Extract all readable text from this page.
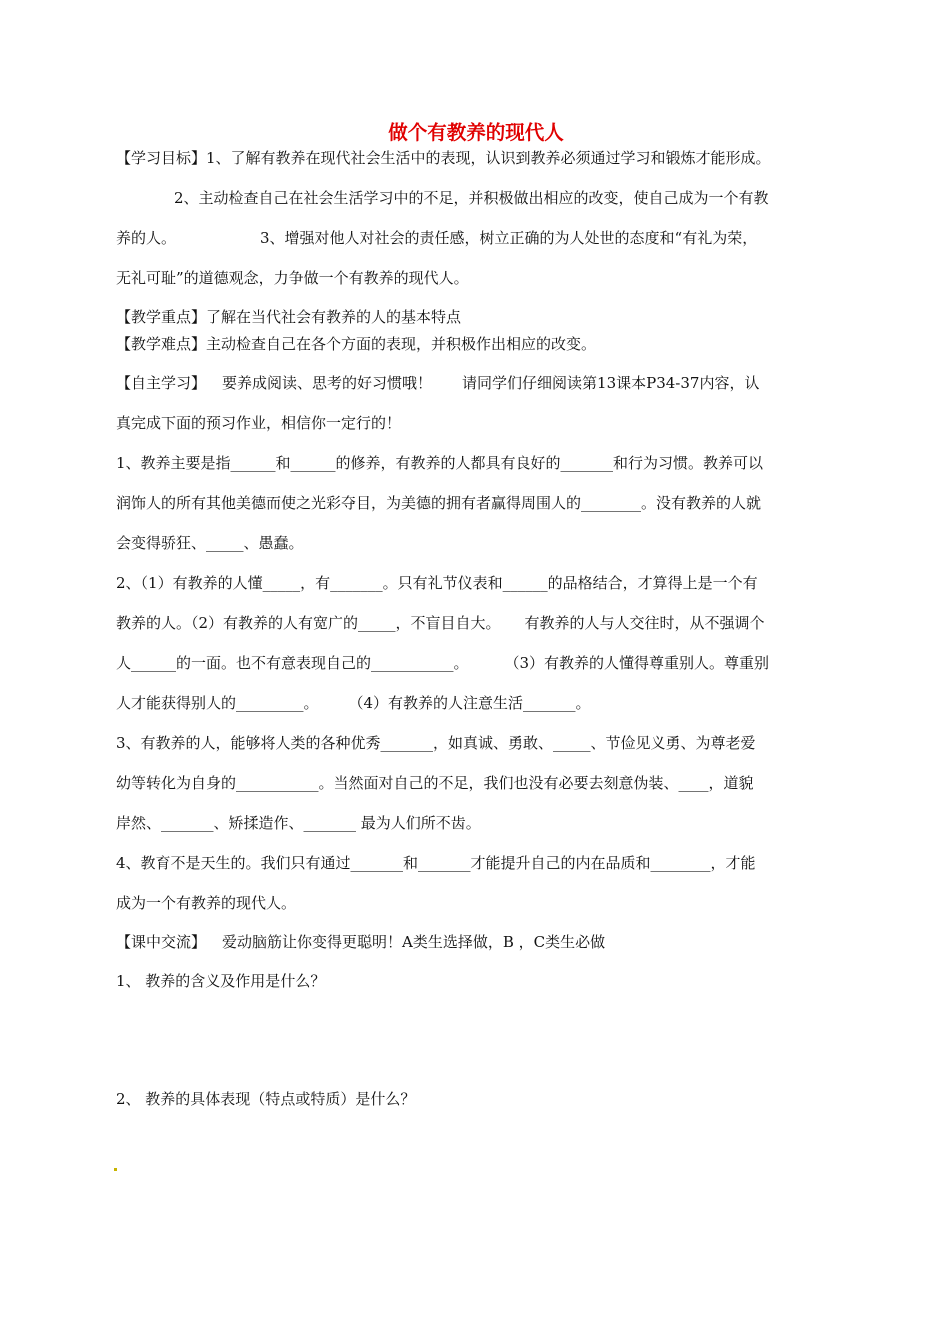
做个有教养的现代人
【学习目标】1、了解有教养在现代社会生活中的表现，认识到教养必须通过学习和锻炼才能形成。
2、主动检查自己在社会生活学习中的不足，并积极做出相应的改变，使自己成为一个有教
养的人。	3、增强对他人对社会的责任感，树立正确的为人处世的态度和“有礼为荣，
无礼可耻”的道德观念，力争做一个有教养的现代人。
【教学重点】了解在当代社会有教养的人的基本特点
【教学难点】主动检查自己在各个方面的表现，并积极作出相应的改变。
【自主学习】 要养成阅读、思考的好习惯哦！ 请同学们仔细阅读第13课本P34-37内容，认
真完成下面的预习作业，相信你一定行的！
1、教养主要是指______和______的修养，有教养的人都具有良好的_______和行为习惯。教养可以
润饰人的所有其他美德而使之光彩夺目，为美德的拥有者赢得周围人的________。没有教养的人就
会变得骄狂、_____、愚蠢。
2、（1）有教养的人懂_____，有_______。只有礼节仪表和______的品格结合，才算得上是一个有
教养的人。（2）有教养的人有宽广的_____，不盲目自大。 有教养的人与人交往时，从不强调个
人______的一面。也不有意表现自己的___________。 （3）有教养的人懂得尊重别人。尊重别
人才能获得别人的_________。 （4）有教养的人注意生活_______。
3、有教养的人，能够将人类的各种优秀_______，如真诚、勇敢、_____、节俭见义勇、为尊老爱
幼等转化为自身的___________。当然面对自己的不足，我们也没有必要去刻意伪装、____，道貌
岸然、_______、矫揉造作、_______ 最为人们所不齿。
4、教育不是天生的。我们只有通过_______和_______才能提升自己的内在品质和________，才能
成为一个有教养的现代人。
【课中交流】 爱动脑筋让你变得更聪明！A类生选择做，B ，C类生必做
1、 教养的含义及作用是什么？
2、 教养的具体表现（特点或特质）是什么？
